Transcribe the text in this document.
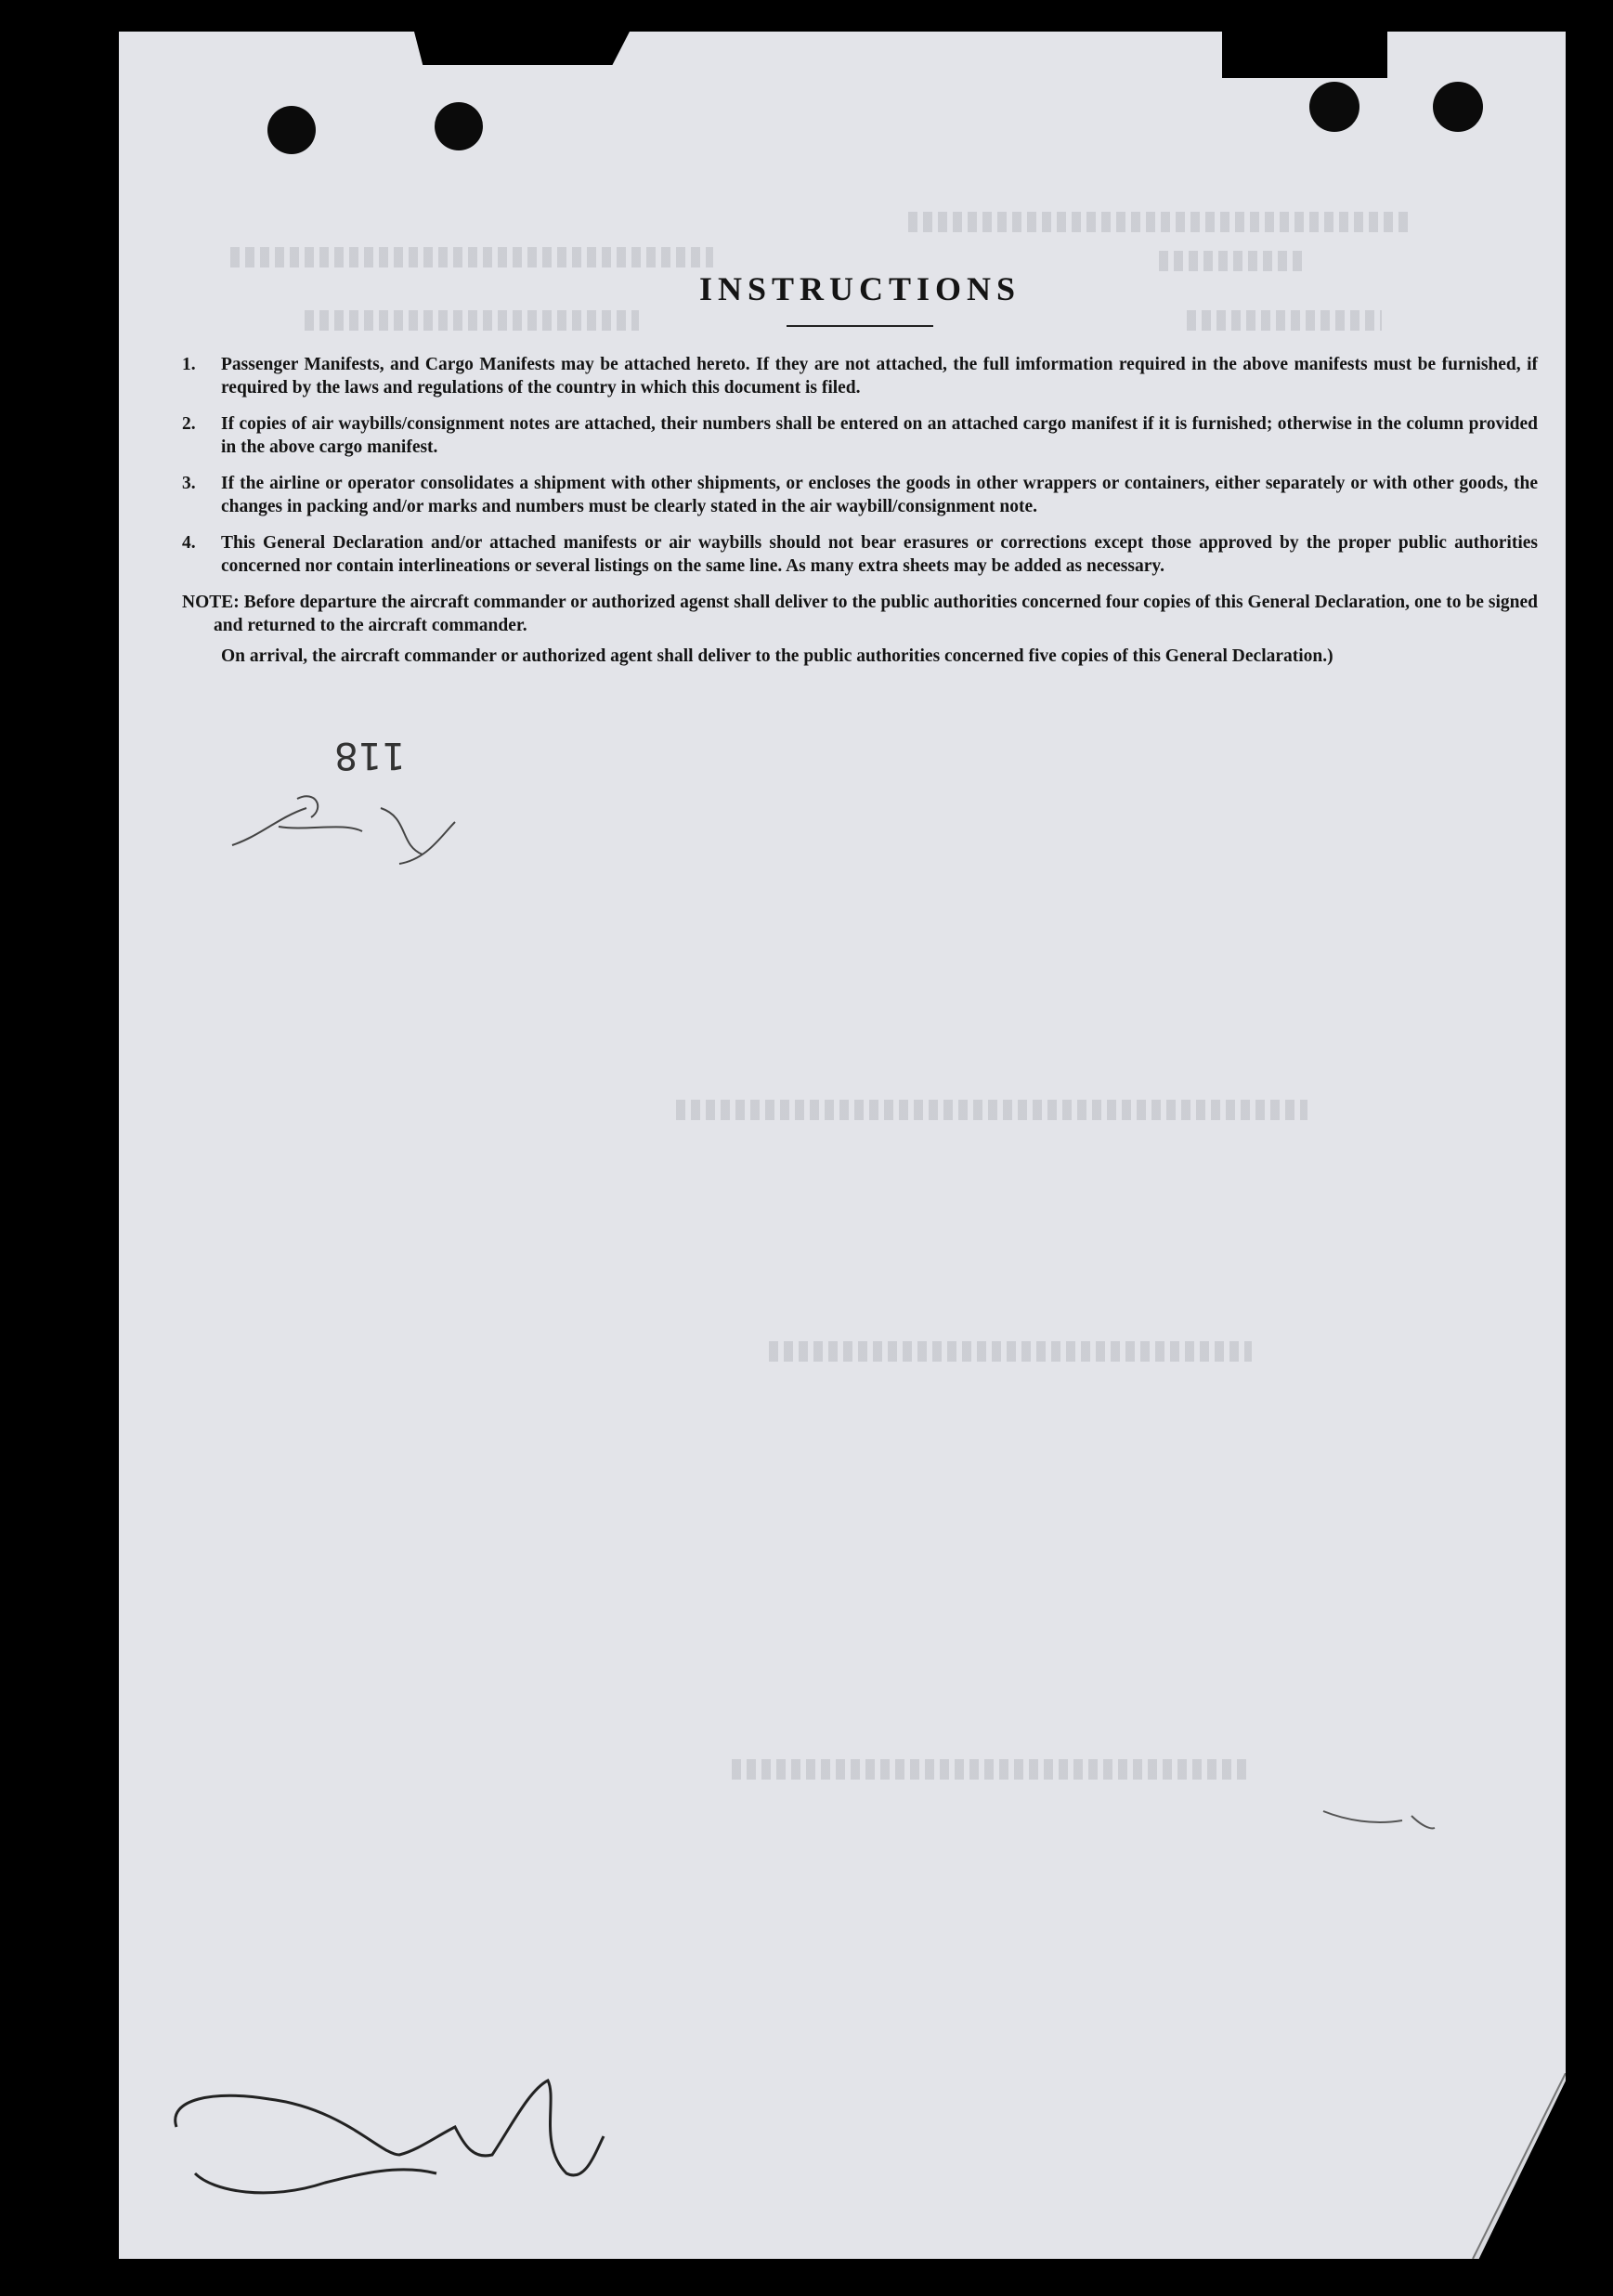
INSTRUCTIONS
1.	Passenger Manifests, and Cargo Manifests may be attached hereto. If they are not attached, the full imformation required in the above manifests must be furnished, if required by the laws and regulations of the country in which this document is filed.
2.	If copies of air waybills/consignment notes are attached, their numbers shall be entered on an attached cargo manifest if it is furnished; otherwise in the column provided in the above cargo manifest.
3.	If the airline or operator consolidates a shipment with other shipments, or encloses the goods in other wrappers or containers, either separately or with other goods, the changes in packing and/or marks and numbers must be clearly stated in the air waybill/consignment note.
4.	This General Declaration and/or attached manifests or air waybills should not bear erasures or corrections except those approved by the proper public authorities concerned nor contain interlineations or several listings on the same line. As many extra sheets may be added as necessary.
NOTE: Before departure the aircraft commander or authorized agenst shall deliver to the public authorities concerned four copies of this General Declaration, one to be signed and returned to the aircraft commander.
On arrival, the aircraft commander or authorized agent shall deliver to the public authorities concerned five copies of this General Declaration.)
118
